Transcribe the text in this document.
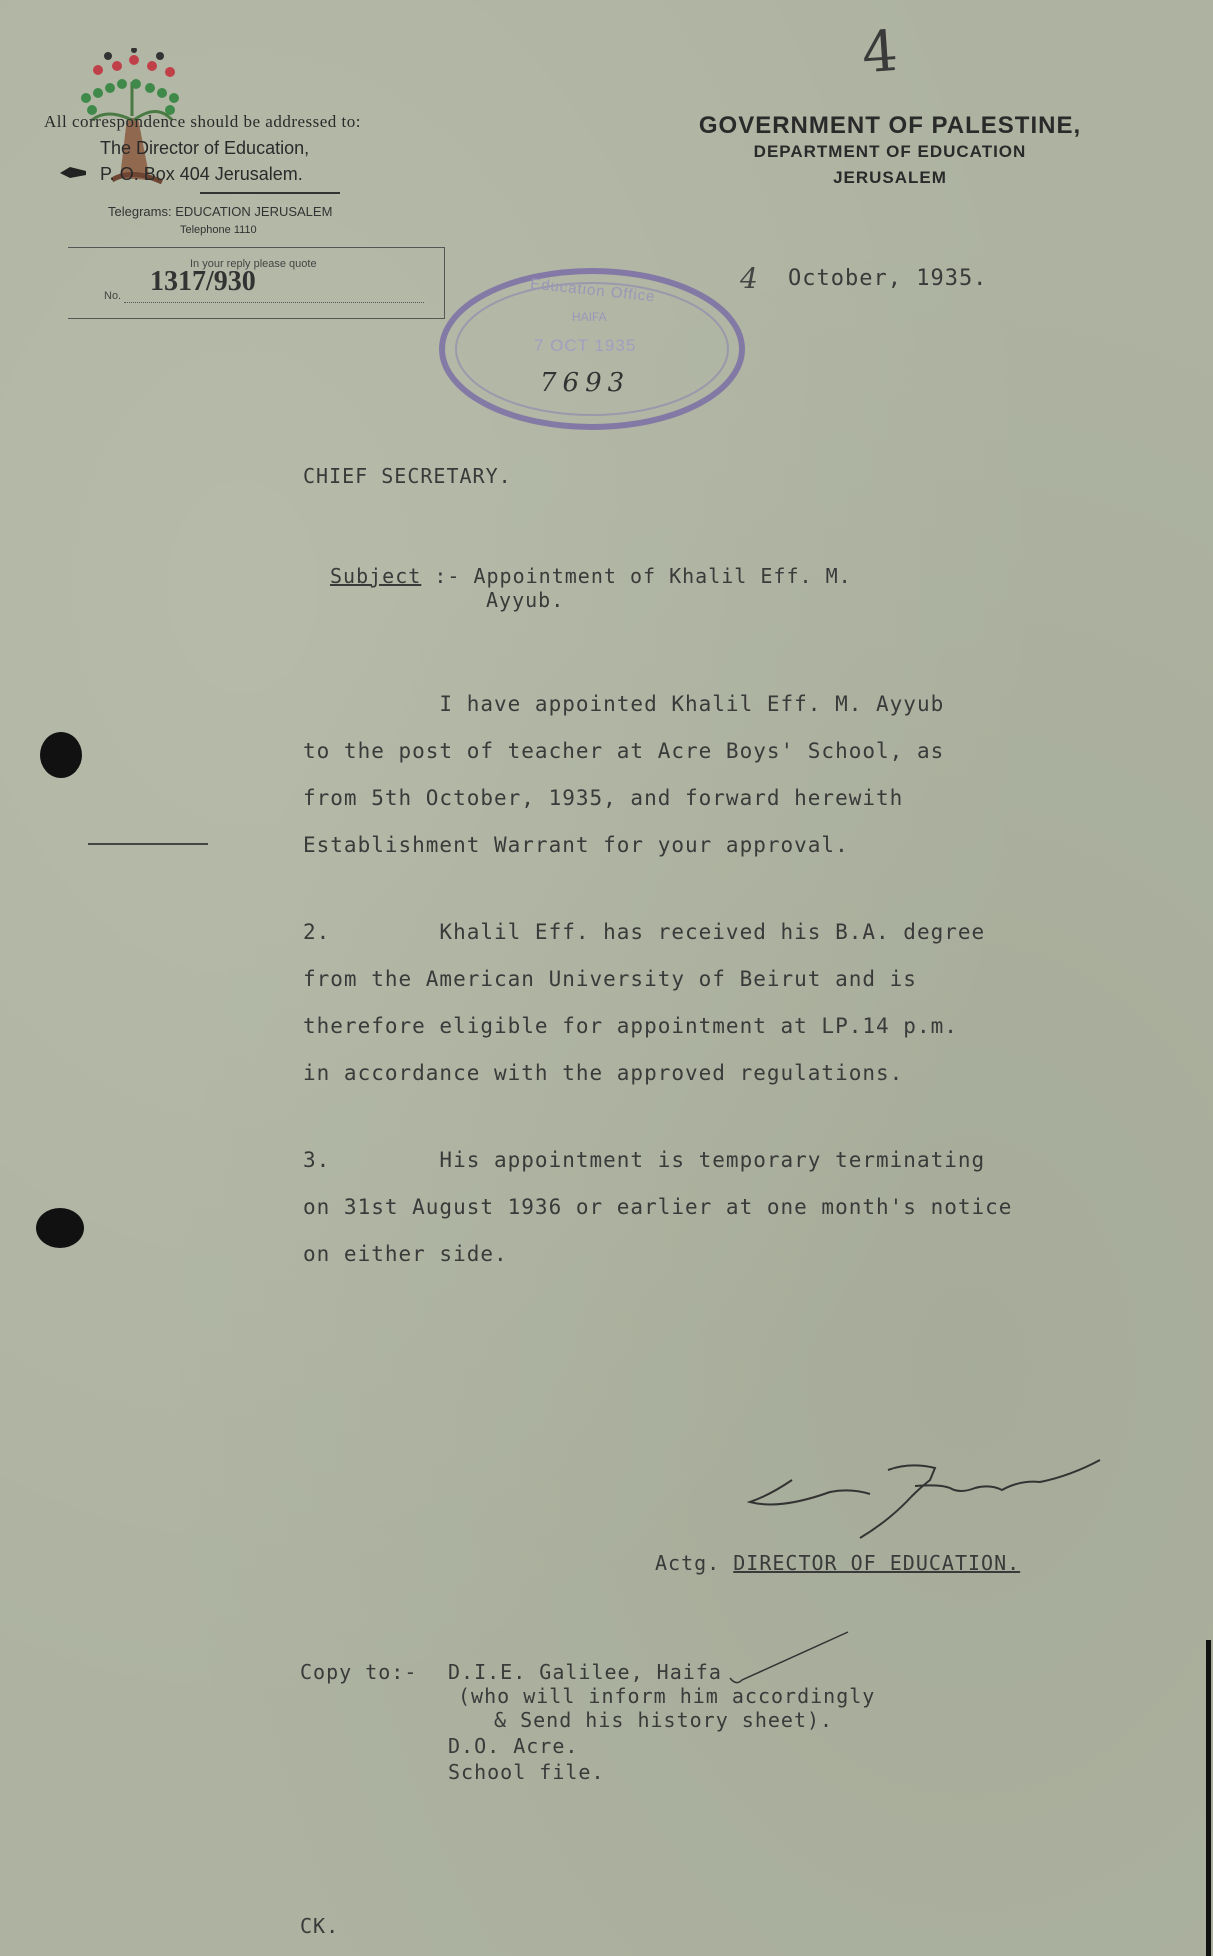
4
All correspondence should be addressed to:
The Director of Education,
P. O. Box 404 Jerusalem.
Telegrams: EDUCATION JERUSALEM
Telephone 1110
In your reply please quote
No. 1317/930
GOVERNMENT OF PALESTINE,
DEPARTMENT OF EDUCATION
JERUSALEM
4 October, 1935.
Education Office
HAIFA
7 OCT 1935
7693
CHIEF SECRETARY.
Subject :- Appointment of Khalil Eff. M.
Ayyub.
I have appointed Khalil Eff. M. Ayyub
to the post of teacher at Acre Boys' School, as
from 5th October, 1935, and forward herewith
Establishment Warrant for your approval.
2.        Khalil Eff. has received his B.A. degree
from the American University of Beirut and is
therefore eligible for appointment at LP.14 p.m.
in accordance with the approved regulations.
3.        His appointment is temporary terminating
on 31st August 1936 or earlier at one month's notice
on either side.
Actg. DIRECTOR OF EDUCATION.
Copy to:- D.I.E. Galilee, Haifa
(who will inform him accordingly
& Send his history sheet).
D.O. Acre.
School file.
CK.
